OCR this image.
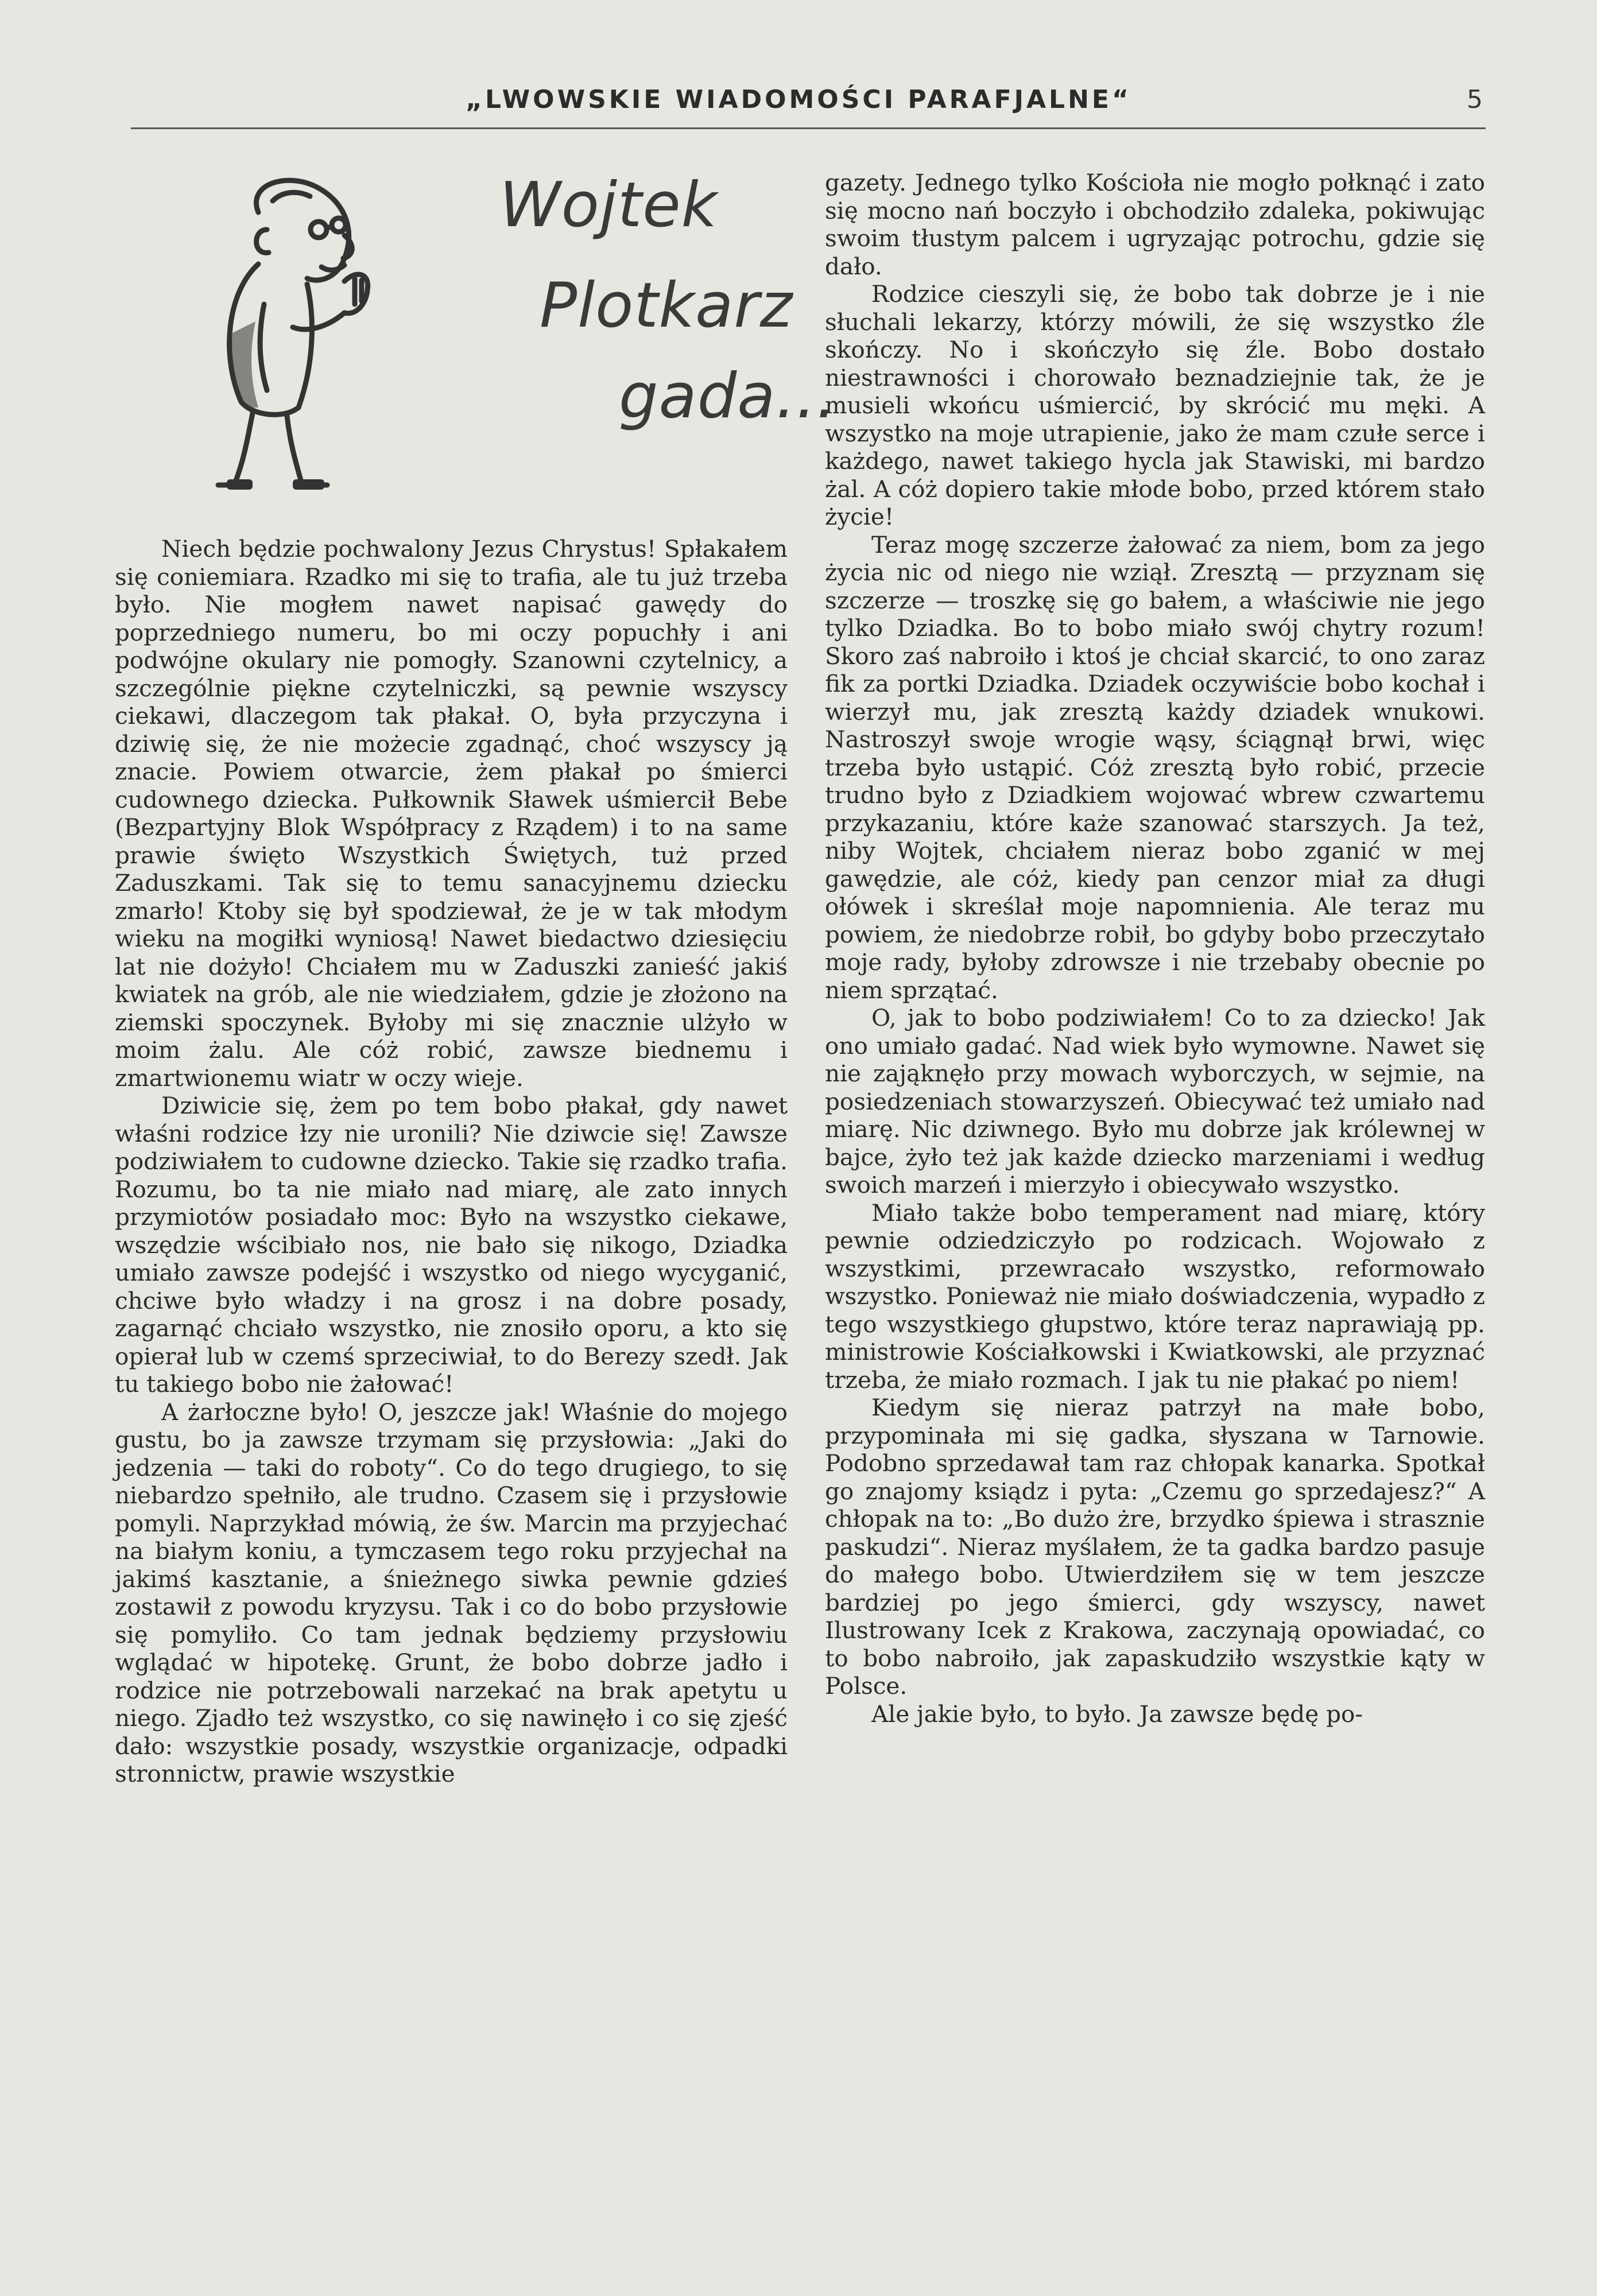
„LWOWSKIE WIADOMOŚCI PARAFJALNE“	5
Wojtek
Plotkarz
gada...

Niech będzie pochwalony Jezus Chrystus! Spłakałem się coniemiara. Rzadko mi się to trafia, ale tu już trzeba było. Nie mogłem nawet napisać gawędy do poprzedniego numeru, bo mi oczy popuchły i ani podwójne okulary nie pomogły. Szanowni czytelnicy, a szczególnie piękne czytelniczki, są pewnie wszyscy ciekawi, dlaczegom tak płakał. O, była przyczyna i dziwię się, że nie możecie zgadnąć, choć wszyscy ją znacie. Powiem otwarcie, żem płakał po śmierci cudownego dziecka. Pułkownik Sławek uśmiercił Bebe (Bezpartyjny Blok Współpracy z Rządem) i to na same prawie święto Wszystkich Świętych, tuż przed Zaduszkami. Tak się to temu sanacyjnemu dziecku zmarło! Ktoby się był spodziewał, że je w tak młodym wieku na mogiłki wyniosą! Nawet biedactwo dziesięciu lat nie dożyło! Chciałem mu w Zaduszki zanieść jakiś kwiatek na grób, ale nie wiedziałem, gdzie je złożono na ziemski spoczynek. Byłoby mi się znacznie ulżyło w moim żalu. Ale cóż robić, zawsze biednemu i zmartwionemu wiatr w oczy wieje.

Dziwicie się, żem po tem bobo płakał, gdy nawet właśni rodzice łzy nie uronili? Nie dziwcie się! Zawsze podziwiałem to cudowne dziecko. Takie się rzadko trafia. Rozumu, bo ta nie miało nad miarę, ale zato innych przymiotów posiadało moc: Było na wszystko ciekawe, wszędzie wścibiało nos, nie bało się nikogo, Dziadka umiało zawsze podejść i wszystko od niego wycyganić, chciwe było władzy i na grosz i na dobre posady, zagarnąć chciało wszystko, nie znosiło oporu, a kto się opierał lub w czemś sprzeciwiał, to do Berezy szedł. Jak tu takiego bobo nie żałować!

A żarłoczne było! O, jeszcze jak! Właśnie do mojego gustu, bo ja zawsze trzymam się przysłowia: „Jaki do jedzenia — taki do roboty“. Co do tego drugiego, to się niebardzo spełniło, ale trudno. Czasem się i przysłowie pomyli. Naprzykład mówią, że św. Marcin ma przyjechać na białym koniu, a tymczasem tego roku przyjechał na jakimś kasztanie, a śnieżnego siwka pewnie gdzieś zostawił z powodu kryzysu. Tak i co do bobo przysłowie się pomyliło. Co tam jednak będziemy przysłowiu wglądać w hipotekę. Grunt, że bobo dobrze jadło i rodzice nie potrzebowali narzekać na brak apetytu u niego. Zjadło też wszystko, co się nawinęło i co się zjeść dało: wszystkie posady, wszystkie organizacje, odpadki stronnictw, prawie wszystkie

gazety. Jednego tylko Kościoła nie mogło połknąć i zato się mocno nań boczyło i obchodziło zdaleka, pokiwując swoim tłustym palcem i ugryzając potrochu, gdzie się dało.

Rodzice cieszyli się, że bobo tak dobrze je i nie słuchali lekarzy, którzy mówili, że się wszystko źle skończy. No i skończyło się źle. Bobo dostało niestrawności i chorowało beznadziejnie tak, że je musieli wkońcu uśmiercić, by skrócić mu męki. A wszystko na moje utrapienie, jako że mam czułe serce i każdego, nawet takiego hycla jak Stawiski, mi bardzo żal. A cóż dopiero takie młode bobo, przed którem stało życie!

Teraz mogę szczerze żałować za niem, bom za jego życia nic od niego nie wziął. Zresztą — przyznam się szczerze — troszkę się go bałem, a właściwie nie jego tylko Dziadka. Bo to bobo miało swój chytry rozum! Skoro zaś nabroiło i ktoś je chciał skarcić, to ono zaraz fik za portki Dziadka. Dziadek oczywiście bobo kochał i wierzył mu, jak zresztą każdy dziadek wnukowi. Nastroszył swoje wrogie wąsy, ściągnął brwi, więc trzeba było ustąpić. Cóż zresztą było robić, przecie trudno było z Dziadkiem wojować wbrew czwartemu przykazaniu, które każe szanować starszych. Ja też, niby Wojtek, chciałem nieraz bobo zganić w mej gawędzie, ale cóż, kiedy pan cenzor miał za długi ołówek i skreślał moje napomnienia. Ale teraz mu powiem, że niedobrze robił, bo gdyby bobo przeczytało moje rady, byłoby zdrowsze i nie trzebaby obecnie po niem sprzątać.

O, jak to bobo podziwiałem! Co to za dziecko! Jak ono umiało gadać. Nad wiek było wymowne. Nawet się nie zająknęło przy mowach wyborczych, w sejmie, na posiedzeniach stowarzyszeń. Obiecywać też umiało nad miarę. Nic dziwnego. Było mu dobrze jak królewnej w bajce, żyło też jak każde dziecko marzeniami i według swoich marzeń i mierzyło i obiecywało wszystko.

Miało także bobo temperament nad miarę, który pewnie odziedziczyło po rodzicach. Wojowało z wszystkimi, przewracało wszystko, reformowało wszystko. Ponieważ nie miało doświadczenia, wypadło z tego wszystkiego głupstwo, które teraz naprawiają pp. ministrowie Kościałkowski i Kwiatkowski, ale przyznać trzeba, że miało rozmach. I jak tu nie płakać po niem!

Kiedym się nieraz patrzył na małe bobo, przypominała mi się gadka, słyszana w Tarnowie. Podobno sprzedawał tam raz chłopak kanarka. Spotkał go znajomy ksiądz i pyta: „Czemu go sprzedajesz?“ A chłopak na to: „Bo dużo żre, brzydko śpiewa i strasznie paskudzi“. Nieraz myślałem, że ta gadka bardzo pasuje do małego bobo. Utwierdziłem się w tem jeszcze bardziej po jego śmierci, gdy wszyscy, nawet Ilustrowany Icek z Krakowa, zaczynają opowiadać, co to bobo nabroiło, jak zapaskudziło wszystkie kąty w Polsce.

Ale jakie było, to było. Ja zawsze będę po-
